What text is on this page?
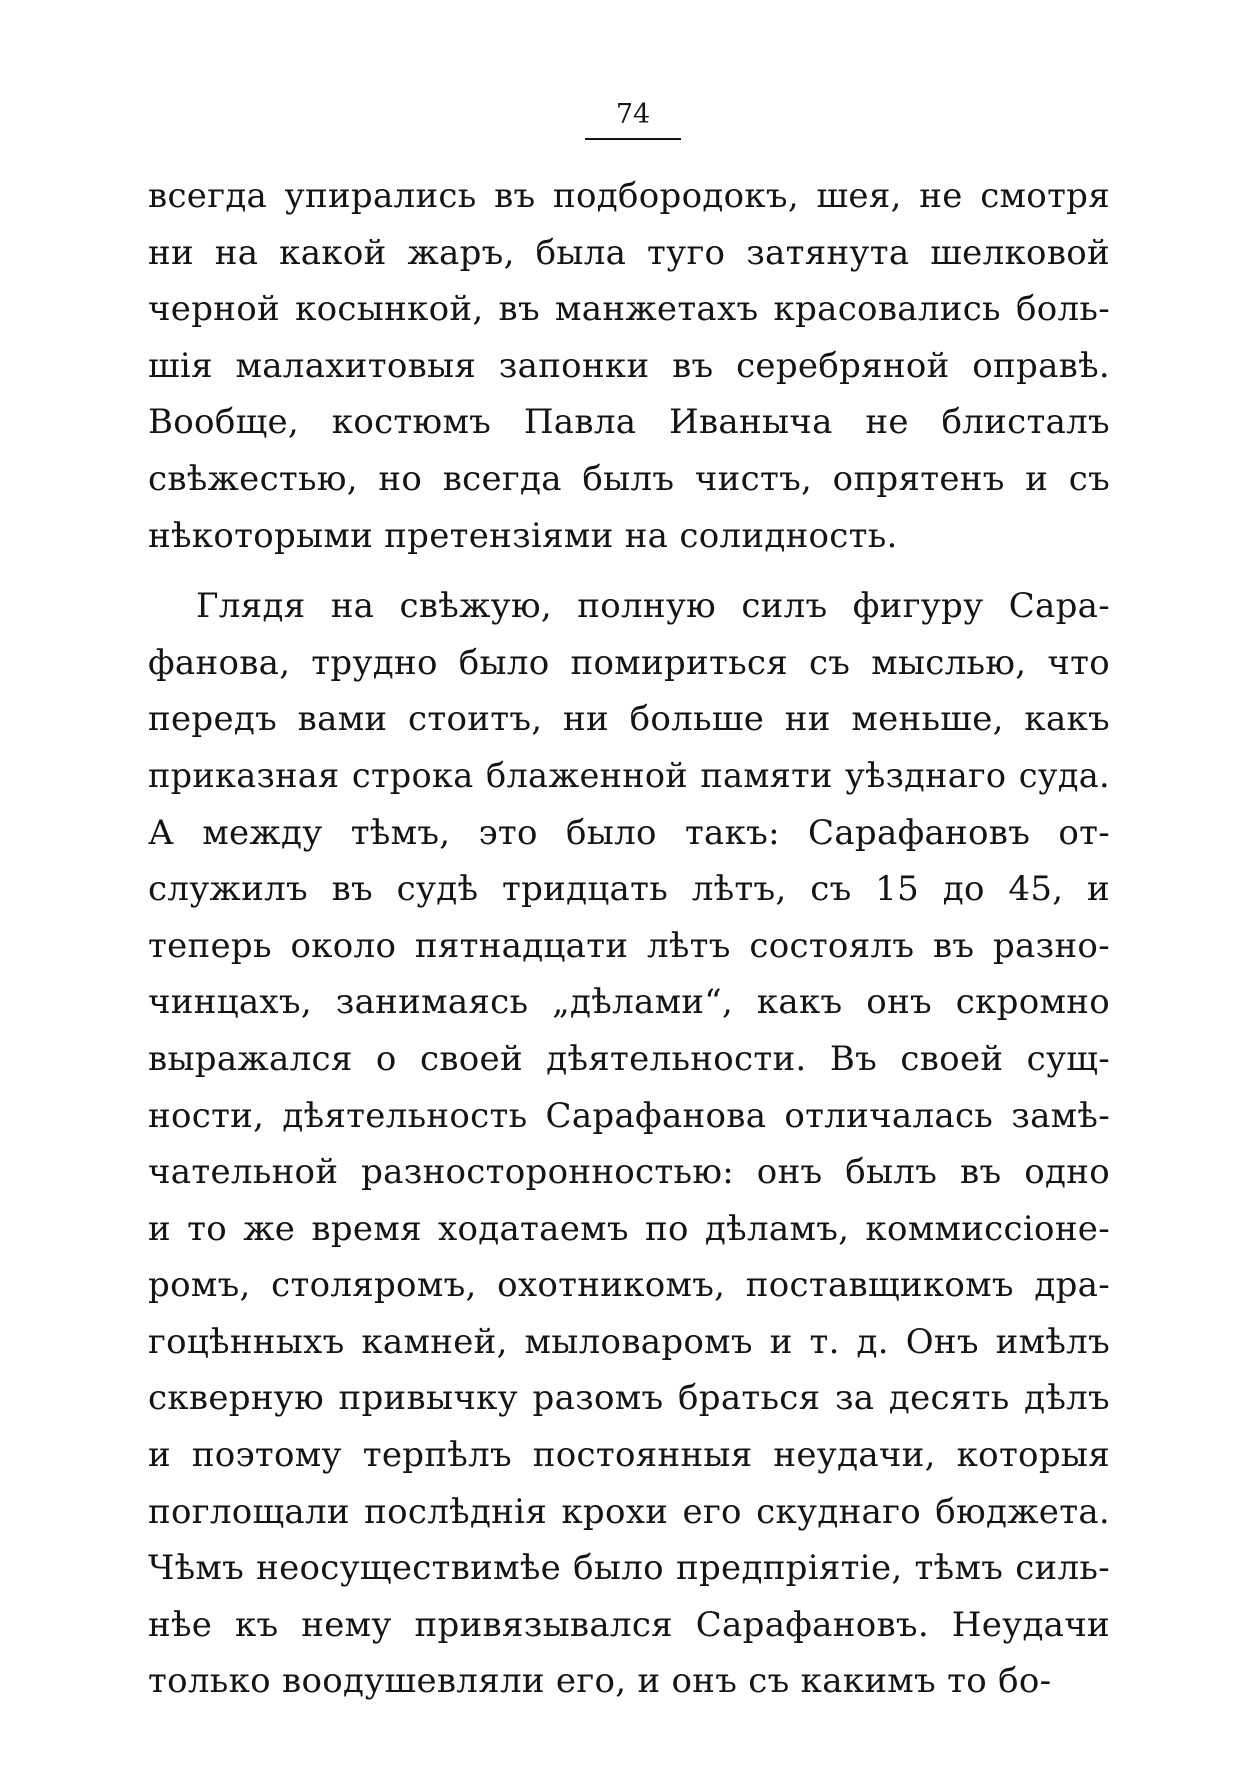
74
всегда упирались въ подбородокъ, шея, не смотря
ни на какой жаръ, была туго затянута шелковой
черной косынкой, въ манжетахъ красовались боль-
шія малахитовыя запонки въ серебряной оправѣ.
Вообще, костюмъ Павла Иваныча не блисталъ
свѣжестью, но всегда былъ чистъ, опрятенъ и съ
нѣкоторыми претензіями на солидность.
Глядя на свѣжую, полную силъ фигуру Сара-
фанова, трудно было помириться съ мыслью, что
передъ вами стоитъ, ни больше ни меньше, какъ
приказная строка блаженной памяти уѣзднаго суда.
А между тѣмъ, это было такъ: Сарафановъ от-
служилъ въ судѣ тридцать лѣтъ, съ 15 до 45, и
теперь около пятнадцати лѣтъ состоялъ въ разно-
чинцахъ, занимаясь „дѣлами“, какъ онъ скромно
выражался о своей дѣятельности. Въ своей сущ-
ности, дѣятельность Сарафанова отличалась замѣ-
чательной разносторонностью: онъ былъ въ одно
и то же время ходатаемъ по дѣламъ, коммиссіоне-
ромъ, столяромъ, охотникомъ, поставщикомъ дра-
гоцѣнныхъ камней, мыловаромъ и т. д. Онъ имѣлъ
скверную привычку разомъ браться за десять дѣлъ
и поэтому терпѣлъ постоянныя неудачи, которыя
поглощали послѣднія крохи его скуднаго бюджета.
Чѣмъ неосуществимѣе было предпріятіе, тѣмъ силь-
нѣе къ нему привязывался Сарафановъ. Неудачи
только воодушевляли его, и онъ съ какимъ то бо-
